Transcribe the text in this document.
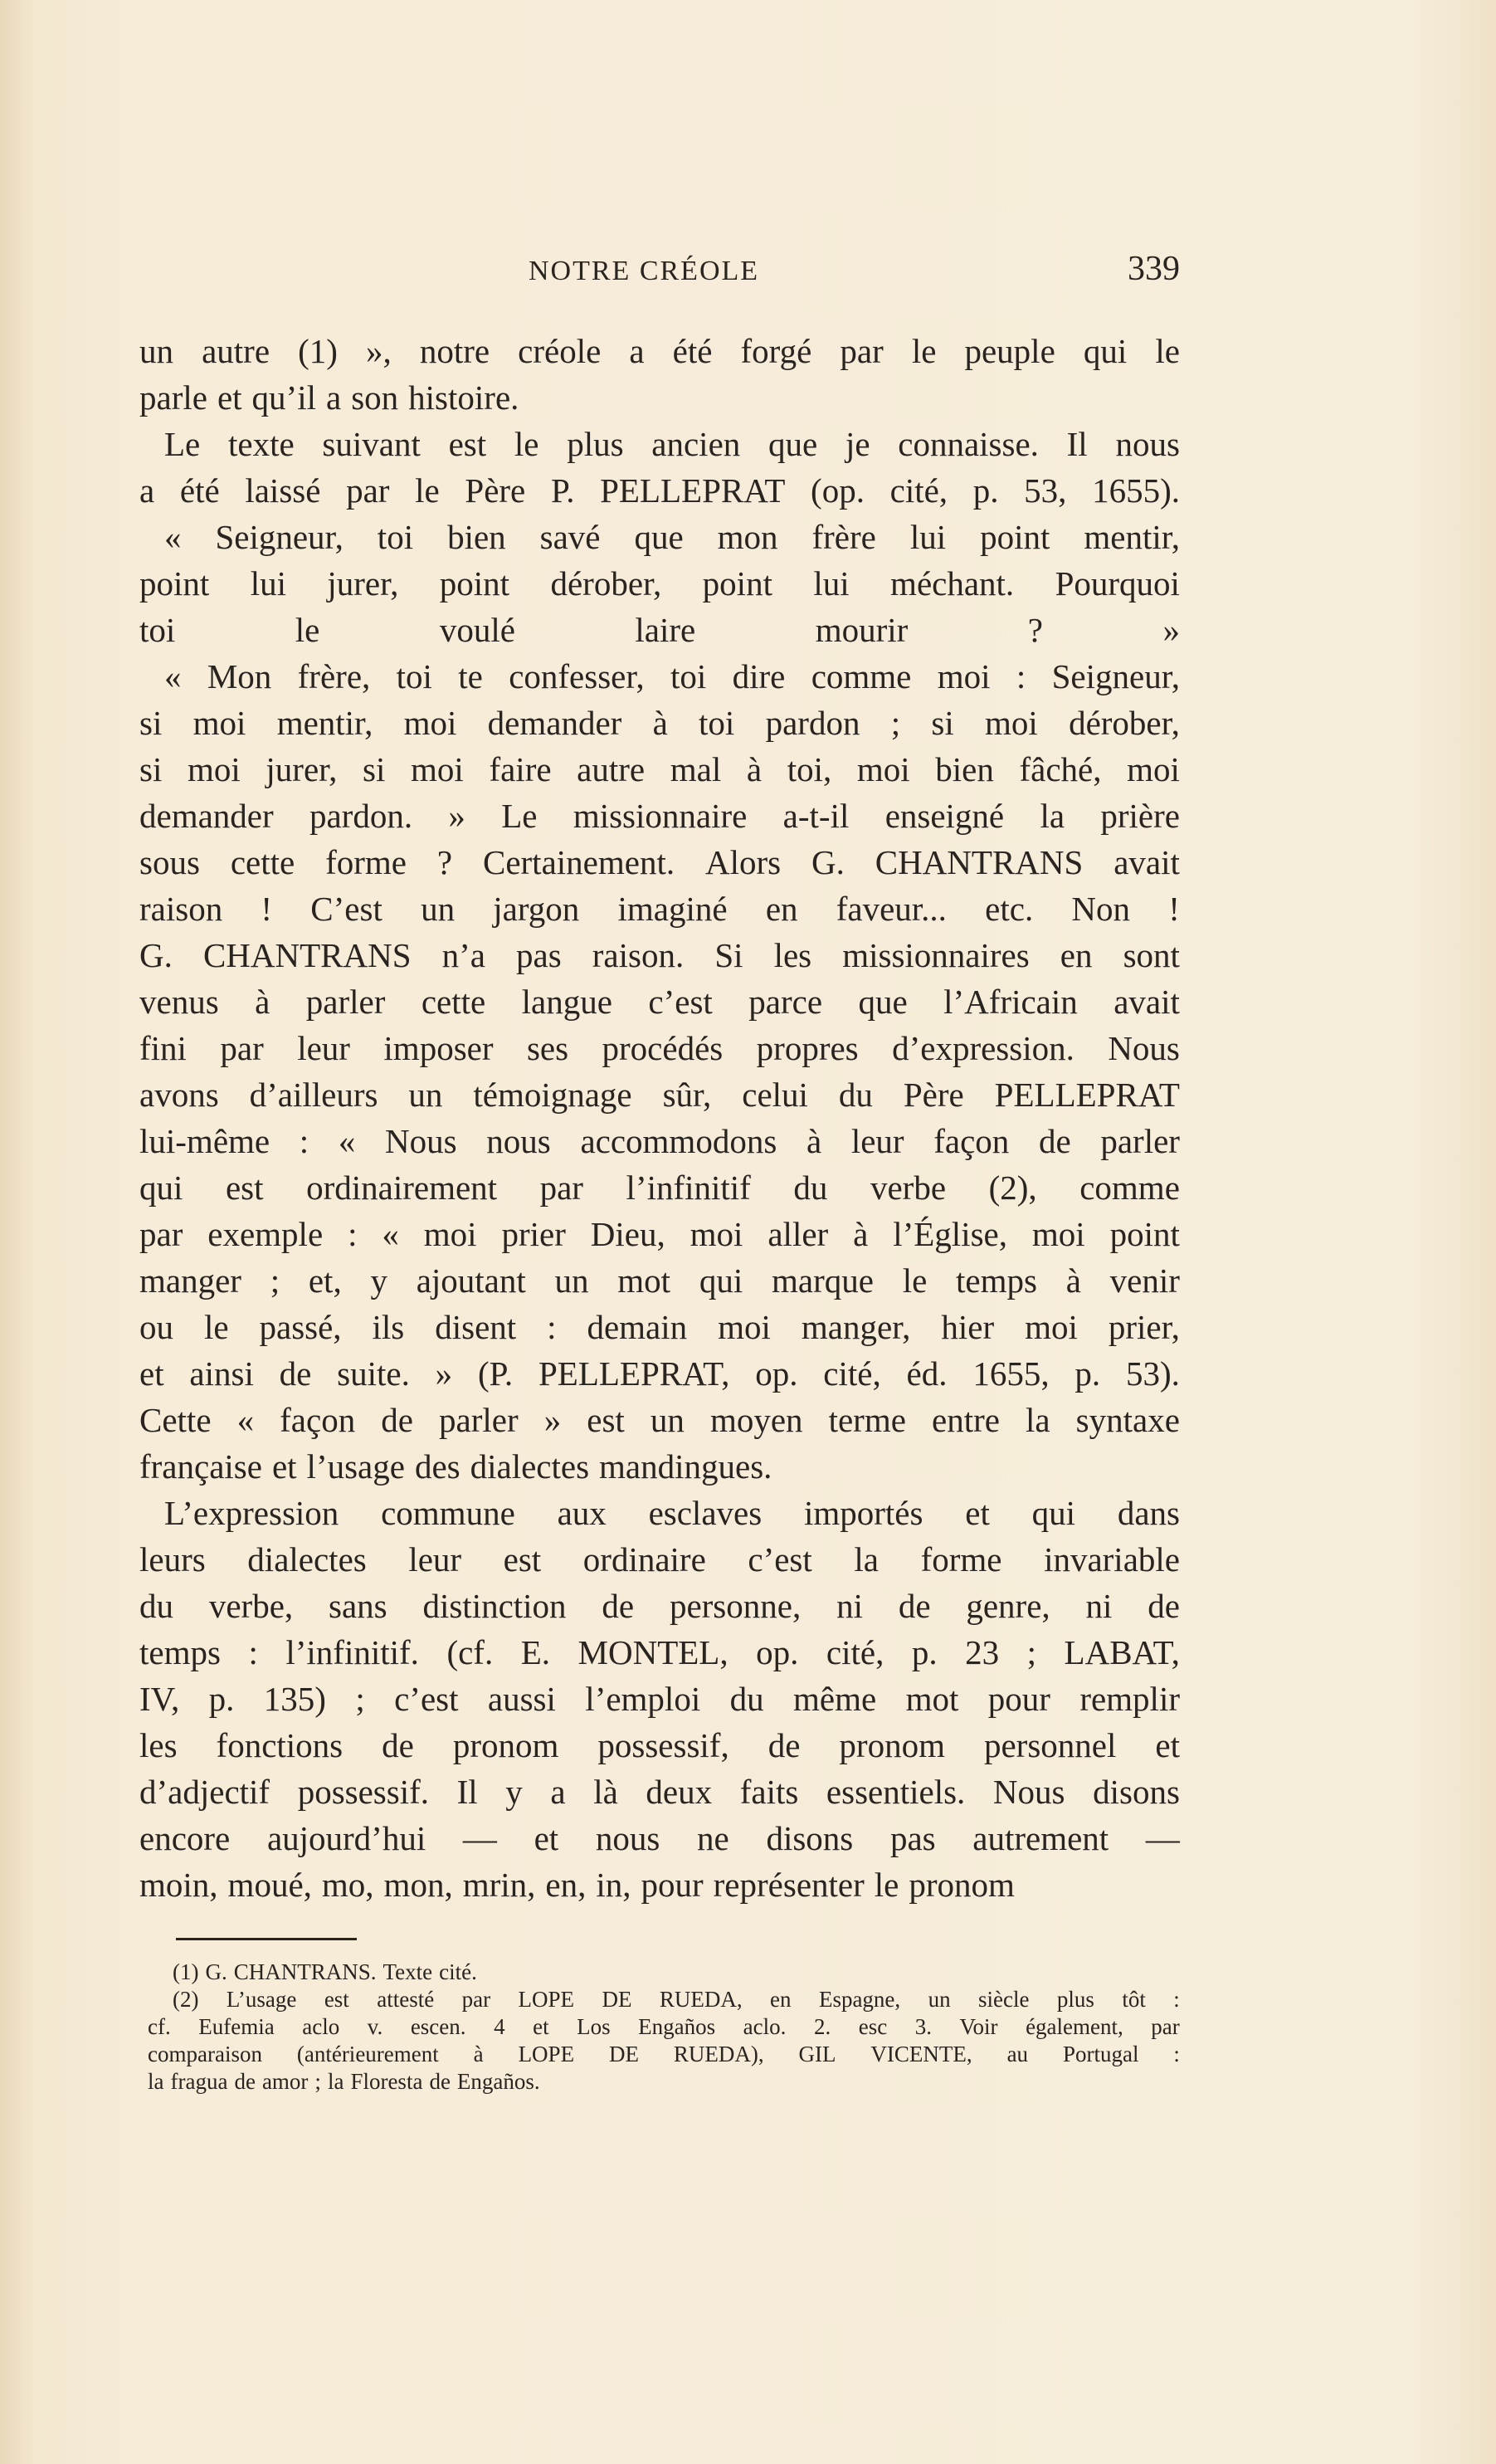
NOTRE CRÉOLE	339
un autre (1) », notre créole a été forgé par le peuple qui le
parle et qu’il a son histoire.
Le texte suivant est le plus ancien que je connaisse. Il nous
a été laissé par le Père P. PELLEPRAT (op. cité, p. 53, 1655).
« Seigneur, toi bien savé que mon frère lui point mentir,
point lui jurer, point dérober, point lui méchant. Pourquoi
toi	le	voulé	laire	mourir	?	»
« Mon frère, toi te confesser, toi dire comme moi : Seigneur,
si moi mentir, moi demander à toi pardon ; si moi dérober,
si moi jurer, si moi faire autre mal à toi, moi bien fâché, moi
demander pardon. » Le missionnaire a-t-il enseigné la prière
sous cette forme ? Certainement. Alors G. CHANTRANS avait
raison ! C’est un jargon imaginé en faveur... etc. Non !
G. CHANTRANS n’a pas raison. Si les missionnaires en sont
venus à parler cette langue c’est parce que l’Africain avait
fini par leur imposer ses procédés propres d’expression. Nous
avons d’ailleurs un témoignage sûr, celui du Père PELLEPRAT
lui-même : « Nous nous accommodons à leur façon de parler
qui est ordinairement par l’infinitif du verbe (2), comme
par exemple : « moi prier Dieu, moi aller à l’Église, moi point
manger ; et, y ajoutant un mot qui marque le temps à venir
ou le passé, ils disent : demain moi manger, hier moi prier,
et ainsi de suite. » (P. PELLEPRAT, op. cité, éd. 1655, p. 53).
Cette « façon de parler » est un moyen terme entre la syntaxe
française et l’usage des dialectes mandingues.
L’expression commune aux esclaves importés et qui dans
leurs dialectes leur est ordinaire c’est la forme invariable
du verbe, sans distinction de personne, ni de genre, ni de
temps : l’infinitif. (cf. E. MONTEL, op. cité, p. 23 ; LABAT,
IV, p. 135) ; c’est aussi l’emploi du même mot pour remplir
les fonctions de pronom possessif, de pronom personnel et
d’adjectif possessif. Il y a là deux faits essentiels. Nous disons
encore aujourd’hui — et nous ne disons pas autrement —
moin, moué, mo, mon, mrin, en, in, pour représenter le pronom
(1) G. CHANTRANS. Texte cité.
(2) L’usage est attesté par LOPE DE RUEDA, en Espagne, un siècle plus tôt :
cf. Eufemia aclo v. escen. 4 et Los Engaños aclo. 2. esc 3. Voir également, par
comparaison (antérieurement à LOPE DE RUEDA), GIL VICENTE, au Portugal :
la fragua de amor ; la Floresta de Engaños.
